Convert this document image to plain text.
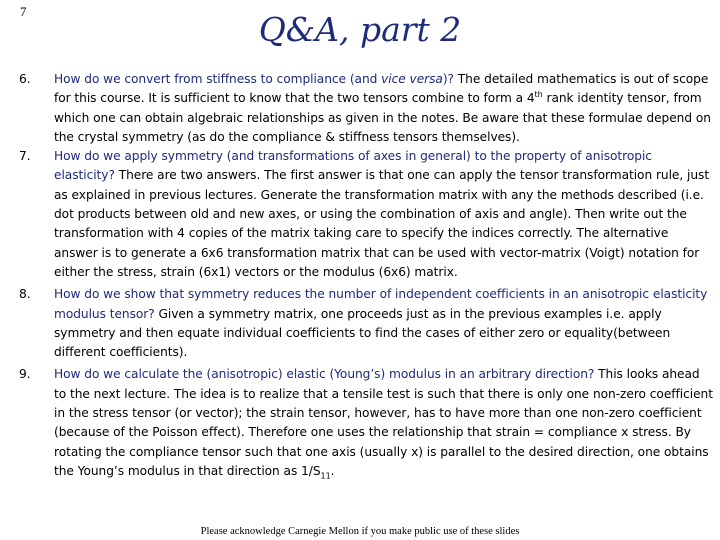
7	Q&A, part 2
6.	How do we convert from stiffness to compliance (and vice versa)? The detailed mathematics is out of scope for this course. It is sufficient to know that the two tensors combine to form a 4th rank identity tensor, from which one can obtain algebraic relationships as given in the notes. Be aware that these formulae depend on the crystal symmetry (as do the compliance & stiffness tensors themselves).
7.	How do we apply symmetry (and transformations of axes in general) to the property of anisotropic elasticity? There are two answers. The first answer is that one can apply the tensor transformation rule, just as explained in previous lectures. Generate the transformation matrix with any the methods described (i.e. dot products between old and new axes, or using the combination of axis and angle). Then write out the transformation with 4 copies of the matrix taking care to specify the indices correctly. The alternative answer is to generate a 6x6 transformation matrix that can be used with vector-matrix (Voigt) notation for either the stress, strain (6x1) vectors or the modulus (6x6) matrix.
8.	How do we show that symmetry reduces the number of independent coefficients in an anisotropic elasticity modulus tensor? Given a symmetry matrix, one proceeds just as in the previous examples i.e. apply symmetry and then equate individual coefficients to find the cases of either zero or equality(between different coefficients).
9.	How do we calculate the (anisotropic) elastic (Young’s) modulus in an arbitrary direction? This looks ahead to the next lecture. The idea is to realize that a tensile test is such that there is only one non-zero coefficient in the stress tensor (or vector); the strain tensor, however, has to have more than one non-zero coefficient (because of the Poisson effect). Therefore one uses the relationship that strain = compliance x stress. By rotating the compliance tensor such that one axis (usually x) is parallel to the desired direction, one obtains the Young’s modulus in that direction as $1/S_{11}$.
Please acknowledge Carnegie Mellon if you make public use of these slides
